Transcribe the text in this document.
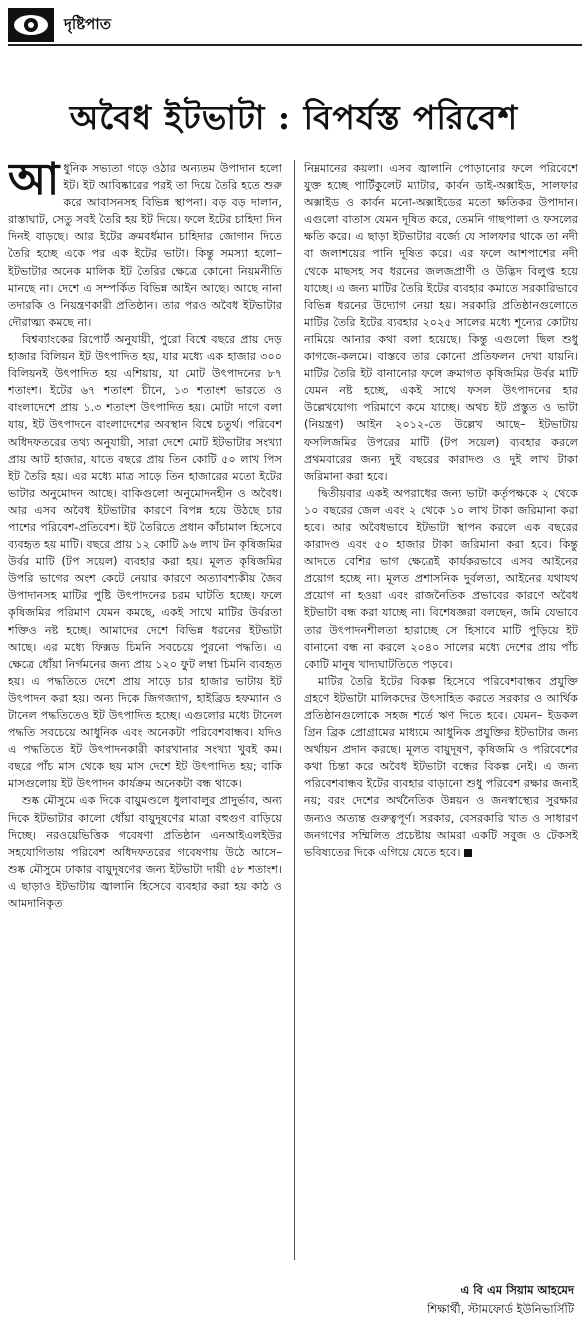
দৃষ্টিপাত
অবৈধ ইটভাটা : বিপর্যস্ত পরিবেশ

আধুনিক সভ্যতা গড়ে ওঠার অন্যতম উপাদান হলো ইট। ইট আবিষ্কারের পরই তা দিয়ে তৈরি হতে শুরু করে আবাসনসহ বিভিন্ন স্থাপনা। বড় বড় দালান, রাস্তাঘাট, সেতু সবই তৈরি হয় ইট দিয়ে। ফলে ইটের চাহিদা দিন দিনই বাড়ছে। আর ইটের ক্রমবর্ধমান চাহিদার জোগান দিতে তৈরি হচ্ছে একে পর এক ইটের ভাটা। কিন্তু সমস্যা হলো– ইটভাটার অনেক মালিক ইট তৈরির ক্ষেত্রে কোনো নিয়মনীতি মানছে না। দেশে এ সম্পর্কিত বিভিন্ন আইন আছে। আছে নানা তদারকি ও নিয়ন্ত্রণকারী প্রতিষ্ঠান। তার পরও অবৈধ ইটভাটার দৌরাত্ম্য কমছে না।

বিশ্বব্যাংকের রিপোর্ট অনুযায়ী, পুরো বিশ্বে বছরে প্রায় দেড় হাজার বিলিয়ন ইট উৎপাদিত হয়, যার মধ্যে এক হাজার ৩০০ বিলিয়নই উৎপাদিত হয় এশিয়ায়, যা মোট উৎপাদনের ৮৭ শতাংশ। ইটের ৬৭ শতাংশ চীনে, ১৩ শতাংশ ভারতে ও বাংলাদেশে প্রায় ১.৩ শতাংশ উৎপাদিত হয়। মোটা দাগে বলা যায়, ইট উৎপাদনে বাংলাদেশের অবস্থান বিশ্বে চতুর্থ। পরিবেশ অধিদফতরের তথ্য অনুযায়ী, সারা দেশে মোট ইটভাটার সংখ্যা প্রায় আট হাজার, যাতে বছরে প্রায় তিন কোটি ৫০ লাখ পিস ইট তৈরি হয়। এর মধ্যে মাত্র সাড়ে তিন হাজারের মতো ইটের ভাটার অনুমোদন আছে। বাকিগুলো অনুমোদনহীন ও অবৈধ। আর এসব অবৈধ ইটভাটার কারণে বিপন্ন হয়ে উঠছে চার পাশের পরিবেশ-প্রতিবেশ। ইট তৈরিতে প্রধান কাঁচামাল হিসেবে ব্যবহৃত হয় মাটি। বছরে প্রায় ১২ কোটি ৯৬ লাখ টন কৃষিজমির উর্বর মাটি (টপ সয়েল) ব্যবহার করা হয়। মূলত কৃষিজমির উপরি ভাগের অংশ কেটে নেয়ার কারণে অত্যাবশ্যকীয় জৈব উপাদানসহ মাটির পুষ্টি উৎপাদনের চরম ঘাটতি হচ্ছে। ফলে কৃষিজমির পরিমাণ যেমন কমছে, একই সাথে মাটির উর্বরতা শক্তিও নষ্ট হচ্ছে। আমাদের দেশে বিভিন্ন ধরনের ইটভাটা আছে। এর মধ্যে ফিক্সড চিমনি সবচেয়ে পুরনো পদ্ধতি। এ ক্ষেত্রে ধোঁয়া নির্গমনের জন্য প্রায় ১২০ ফুট লম্বা চিমনি ব্যবহৃত হয়। এ পদ্ধতিতে দেশে প্রায় সাড়ে চার হাজার ভাটায় ইট উৎপাদন করা হয়। অন্য দিকে জিগজ্যাগ, হাইব্রিড হফম্যান ও টানেল পদ্ধতিতেও ইট উৎপাদিত হচ্ছে। এগুলোর মধ্যে টানেল পদ্ধতি সবচেয়ে আধুনিক এবং অনেকটা পরিবেশবান্ধব। যদিও এ পদ্ধতিতে ইট উৎপাদনকারী কারখানার সংখ্যা খুবই কম। বছরে পাঁচ মাস থেকে ছয় মাস দেশে ইট উৎপাদিত হয়; বাকি মাসগুলোয় ইট উৎপাদন কার্যক্রম অনেকটা বন্ধ থাকে।

শুষ্ক মৌসুমে এক দিকে বায়ুমণ্ডলে ধুলাবালুর প্রাদুর্ভাব, অন্য দিকে ইটভাটার কালো ধোঁয়া বায়ুদূষণের মাত্রা বহুগুণ বাড়িয়ে দিচ্ছে। নরওয়েভিত্তিক গবেষণা প্রতিষ্ঠান এনআইএলইউর সহযোগিতায় পরিবেশ অধিদফতরের গবেষণায় উঠে আসে– শুষ্ক মৌসুমে ঢাকার বায়ুদূষণের জন্য ইটভাটা দায়ী ৫৮ শতাংশ। এ ছাড়াও ইটভাটায় জ্বালানি হিসেবে ব্যবহার করা হয় কাঠ ও আমদানিকৃত

নিম্নমানের কয়লা। এসব জ্বালানি পোড়ানোর ফলে পরিবেশে যুক্ত হচ্ছে পার্টিকুলেট ম্যাটার, কার্বন ডাই-অক্সাইড, সালফার অক্সাইড ও কার্বন মনো-অক্সাইডের মতো ক্ষতিকর উপাদান। এগুলো বাতাস যেমন দূষিত করে, তেমনি গাছপালা ও ফসলের ক্ষতি করে। এ ছাড়া ইটভাটার বর্জ্যে যে সালফার থাকে তা নদী বা জলাশয়ের পানি দূষিত করে। এর ফলে আশপাশের নদী থেকে মাছসহ সব ধরনের জলজপ্রাণী ও উদ্ভিদ বিলুপ্ত হয়ে যাচ্ছে। এ জন্য মাটির তৈরি ইটের ব্যবহার কমাতে সরকারিভাবে বিভিন্ন ধরনের উদ্যোগ নেয়া হয়। সরকারি প্রতিষ্ঠানগুলোতে মাটির তৈরি ইটের ব্যবহার ২০২৫ সালের মধ্যে শূন্যের কোটায় নামিয়ে আনার কথা বলা হয়েছে। কিন্তু এগুলো ছিল শুধু কাগজে-কলমে। বাস্তবে তার কোনো প্রতিফলন দেখা যায়নি। মাটির তৈরি ইট বানানোর ফলে ক্রমাগত কৃষিজমির উর্বর মাটি যেমন নষ্ট হচ্ছে, একই সাথে ফসল উৎপাদনের হার উল্লেখযোগ্য পরিমাণে কমে যাচ্ছে। অথচ ইট প্রস্তুত ও ভাটা (নিয়ন্ত্রণ) আইন ২০১২-তে উল্লেখ আছে– ইটভাটায় ফসলিজমির উপরের মাটি (টপ সয়েল) ব্যবহার করলে প্রথমবারের জন্য দুই বছরের কারাদণ্ড ও দুই লাখ টাকা জরিমানা করা হবে।

দ্বিতীয়বার একই অপরাধের জন্য ভাটা কর্তৃপক্ষকে ২ থেকে ১০ বছরের জেল এবং ২ থেকে ১০ লাখ টাকা জরিমানা করা হবে। আর অবৈধভাবে ইটভাটা স্থাপন করলে এক বছরের কারাদণ্ড এবং ৫০ হাজার টাকা জরিমানা করা হবে। কিন্তু আদতে বেশির ভাগ ক্ষেত্রেই কার্যকরভাবে এসব আইনের প্রয়োগ হচ্ছে না। মূলত প্রশাসনিক দুর্বলতা, আইনের যথাযথ প্রয়োগ না হওয়া এবং রাজনৈতিক প্রভাবের কারণে অবৈধ ইটভাটা বন্ধ করা যাচ্ছে না। বিশেষজ্ঞরা বলছেন, জমি যেভাবে তার উৎপাদনশীলতা হারাচ্ছে সে হিসাবে মাটি পুড়িয়ে ইট বানানো বন্ধ না করলে ২০৪০ সালের মধ্যে দেশের প্রায় পাঁচ কোটি মানুষ খাদ্যঘাটতিতে পড়বে।

মাটির তৈরি ইটের বিকল্প হিসেবে পরিবেশবান্ধব প্রযুক্তি গ্রহণে ইটভাটা মালিকদের উৎসাহিত করতে সরকার ও আর্থিক প্রতিষ্ঠানগুলোকে সহজ শর্তে ঋণ দিতে হবে। যেমন– ইডকল গ্রিন ব্রিক প্রোগ্রামের মাধ্যমে আধুনিক প্রযুক্তির ইটভাটার জন্য অর্থায়ন প্রদান করছে। মূলত বায়ুদূষণ, কৃষিজমি ও পরিবেশের কথা চিন্তা করে অবৈধ ইটভাটা বন্ধের বিকল্প নেই। এ জন্য পরিবেশবান্ধব ইটের ব্যবহার বাড়ানো শুধু পরিবেশ রক্ষার জন্যই নয়; বরং দেশের অর্থনৈতিক উন্নয়ন ও জনস্বাস্থ্যের সুরক্ষার জন্যও অত্যন্ত গুরুত্বপূর্ণ। সরকার, বেসরকারি খাত ও সাধারণ জনগণের সম্মিলিত প্রচেষ্টায় আমরা একটি সবুজ ও টেকসই ভবিষ্যতের দিকে এগিয়ে যেতে হবে।

এ বি এম সিয়াম আহমেদ
শিক্ষার্থী, স্টামফোর্ড ইউনিভার্সিটি
